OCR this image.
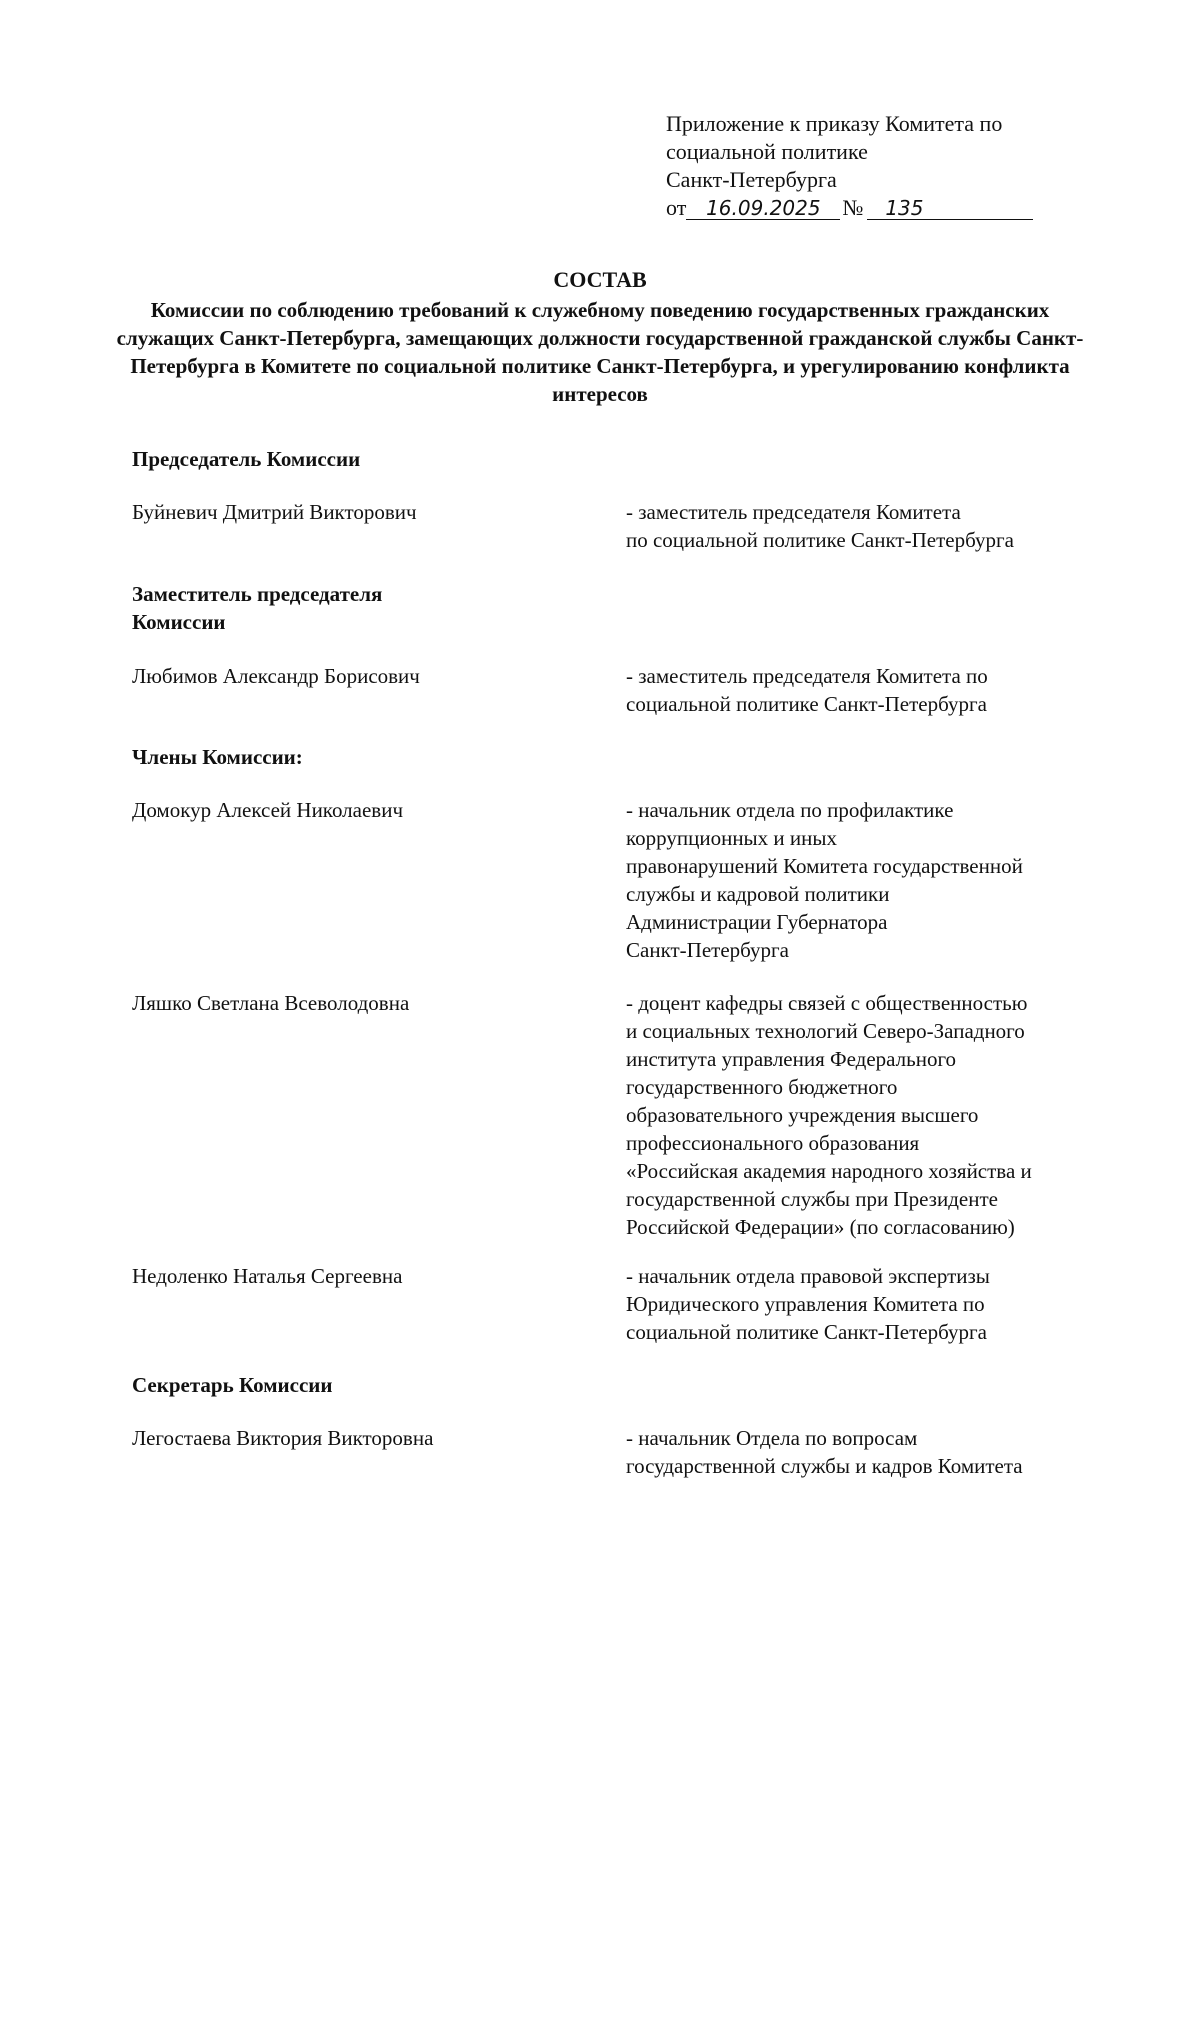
Приложение к приказу Комитета по
социальной политике
Санкт-Петербурга
от 16.09.2025 №	135
СОСТАВ
Комиссии по соблюдению требований к служебному поведению государственных гражданских служащих Санкт-Петербурга, замещающих должности государственной гражданской службы Санкт-Петербурга в Комитете по социальной политике Санкт-Петербурга, и урегулированию конфликта интересов
Председатель Комиссии
Буйневич Дмитрий Викторович	- заместитель председателя Комитета
по социальной политике Санкт-Петербурга
Заместитель председателя Комиссии
Любимов Александр Борисович	- заместитель председателя Комитета по
социальной политике Санкт-Петербурга
Члены Комиссии:
Домокур Алексей Николаевич	- начальник отдела по профилактике
коррупционных и иных
правонарушений Комитета государственной
службы и кадровой политики
Администрации Губернатора
Санкт-Петербурга
Ляшко Светлана Всеволодовна	- доцент кафедры связей с общественностью
и социальных технологий Северо-Западного
института управления Федерального
государственного бюджетного
образовательного учреждения высшего
профессионального образования
«Российская академия народного хозяйства и
государственной службы при Президенте
Российской Федерации» (по согласованию)
Недоленко Наталья Сергеевна	- начальник отдела правовой экспертизы
Юридического управления Комитета по
социальной политике Санкт-Петербурга
Секретарь Комиссии
Легостаева Виктория Викторовна	- начальник Отдела по вопросам
государственной службы и кадров Комитета
